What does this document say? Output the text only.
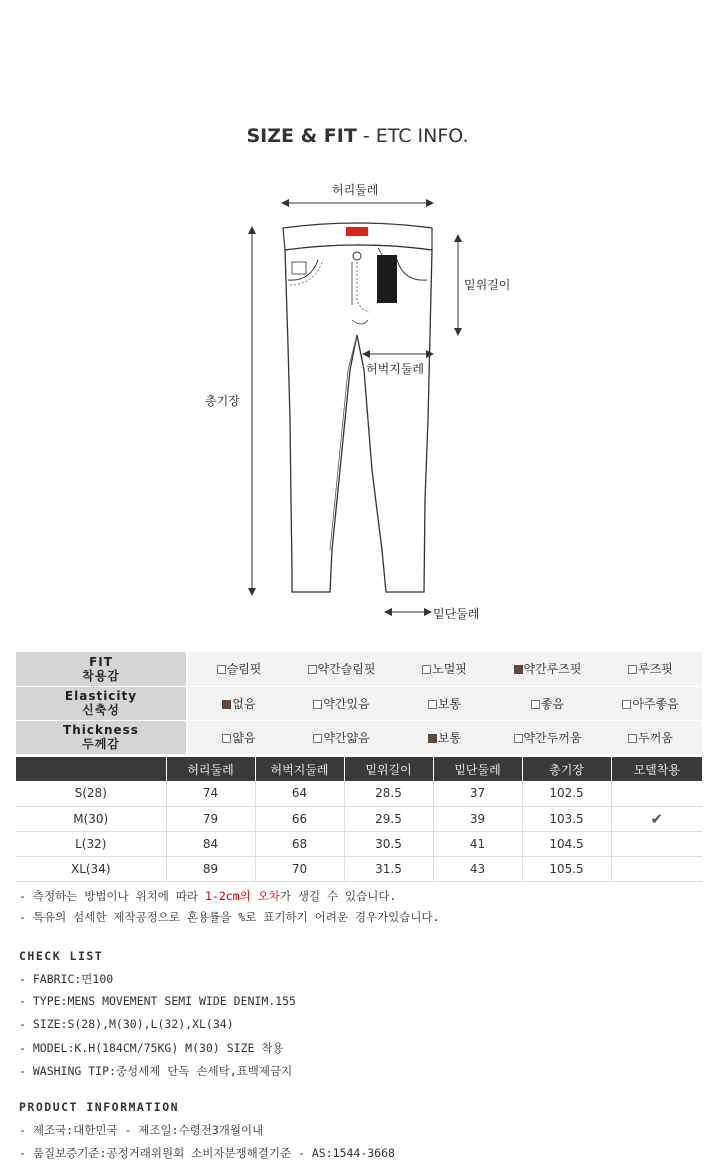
SIZE & FIT - ETC INFO.
허리둘레
밑위길이
허벅지둘레
총기장
밑단둘레
FIT
착용감	슬림핏	약간슬림핏	노멀핏	약간루즈핏	루즈핏
Elasticity
신축성	없음	약간있음	보통	좋음	아주좋음
Thickness
두께감	얇음	약간얇음	보통	약간두꺼움	두꺼움
	허리둘레	허벅지둘레	밑위길이	밑단둘레	총기장	모델착용
S(28)	74	64	28.5	37	102.5	
M(30)	79	66	29.5	39	103.5	✔
L(32)	84	68	30.5	41	104.5	
XL(34)	89	70	31.5	43	105.5	
- 측정하는 방법이나 위치에 따라 1-2cm의 오차가 생길 수 있습니다.
- 특유의 섬세한 제작공정으로 혼용률을 %로 표기하기 어려운 경우가있습니다.
CHECK LIST
- FABRIC:면100
- TYPE:MENS MOVEMENT SEMI WIDE DENIM.155
- SIZE:S(28),M(30),L(32),XL(34)
- MODEL:K.H(184CM/75KG) M(30) SIZE 착용
- WASHING TIP:중성세제 단독 손세탁,표백제금지
PRODUCT INFORMATION
- 제조국:대한민국 - 제조일:수령전3개월이내
- 품질보증기준:공정거래위원회 소비자분쟁해결기준 - AS:1544-3668
